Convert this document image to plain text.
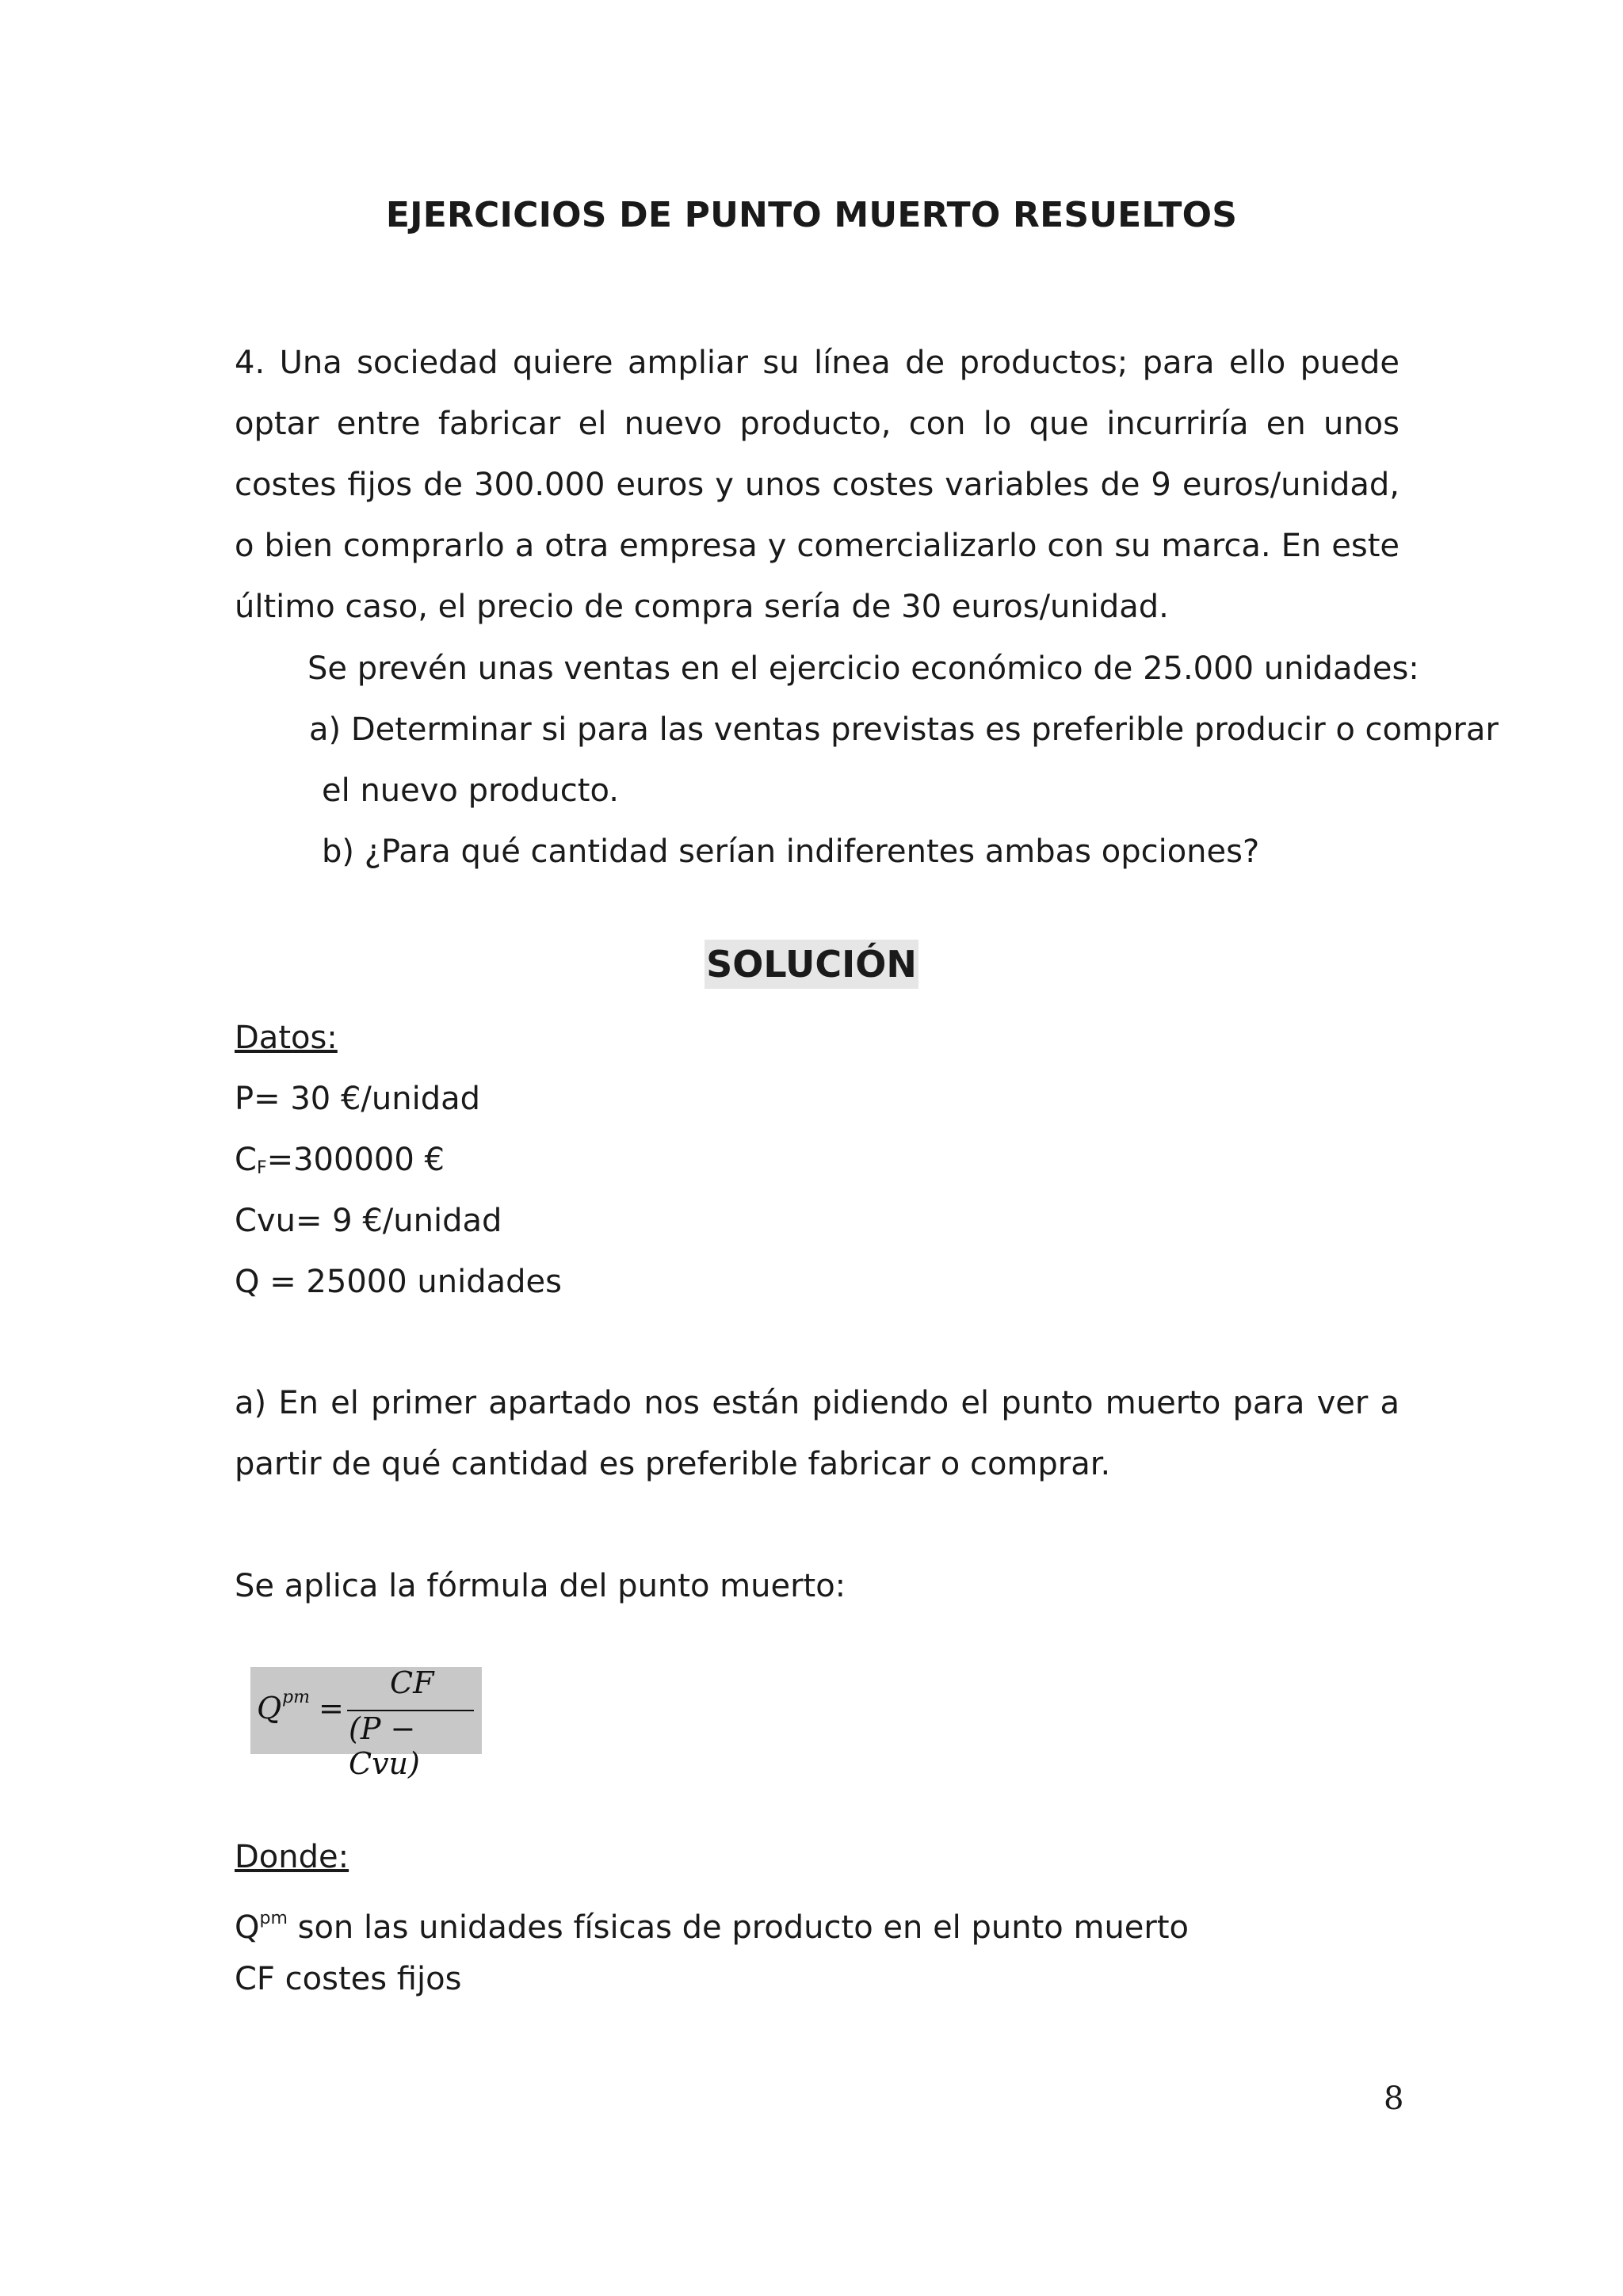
EJERCICIOS DE PUNTO MUERTO RESUELTOS

4. Una sociedad quiere ampliar su línea de productos; para ello puede optar entre fabricar el nuevo producto, con lo que incurriría en unos costes fijos de 300.000 euros y unos costes variables de 9 euros/unidad, o bien comprarlo a otra empresa y comercializarlo con su marca. En este último caso, el precio de compra sería de 30 euros/unidad.

Se prevén unas ventas en el ejercicio económico de 25.000 unidades:
a) Determinar si para las ventas previstas es preferible producir o comprar
el nuevo producto.
b) ¿Para qué cantidad serían indiferentes ambas opciones?
SOLUCIÓN
Datos:
P= 30 €/unidad
CF=300000 €
Cvu= 9 €/unidad
Q = 25000 unidades

a) En el primer apartado nos están pidiendo el punto muerto para ver a partir de qué cantidad es preferible fabricar o comprar.

Se aplica la fórmula del punto muerto:
Q pm =
CF
(P − Cvu)
Donde:
$Q^{pm}$ son las unidades físicas de producto en el punto muerto
CF costes fijos
8
